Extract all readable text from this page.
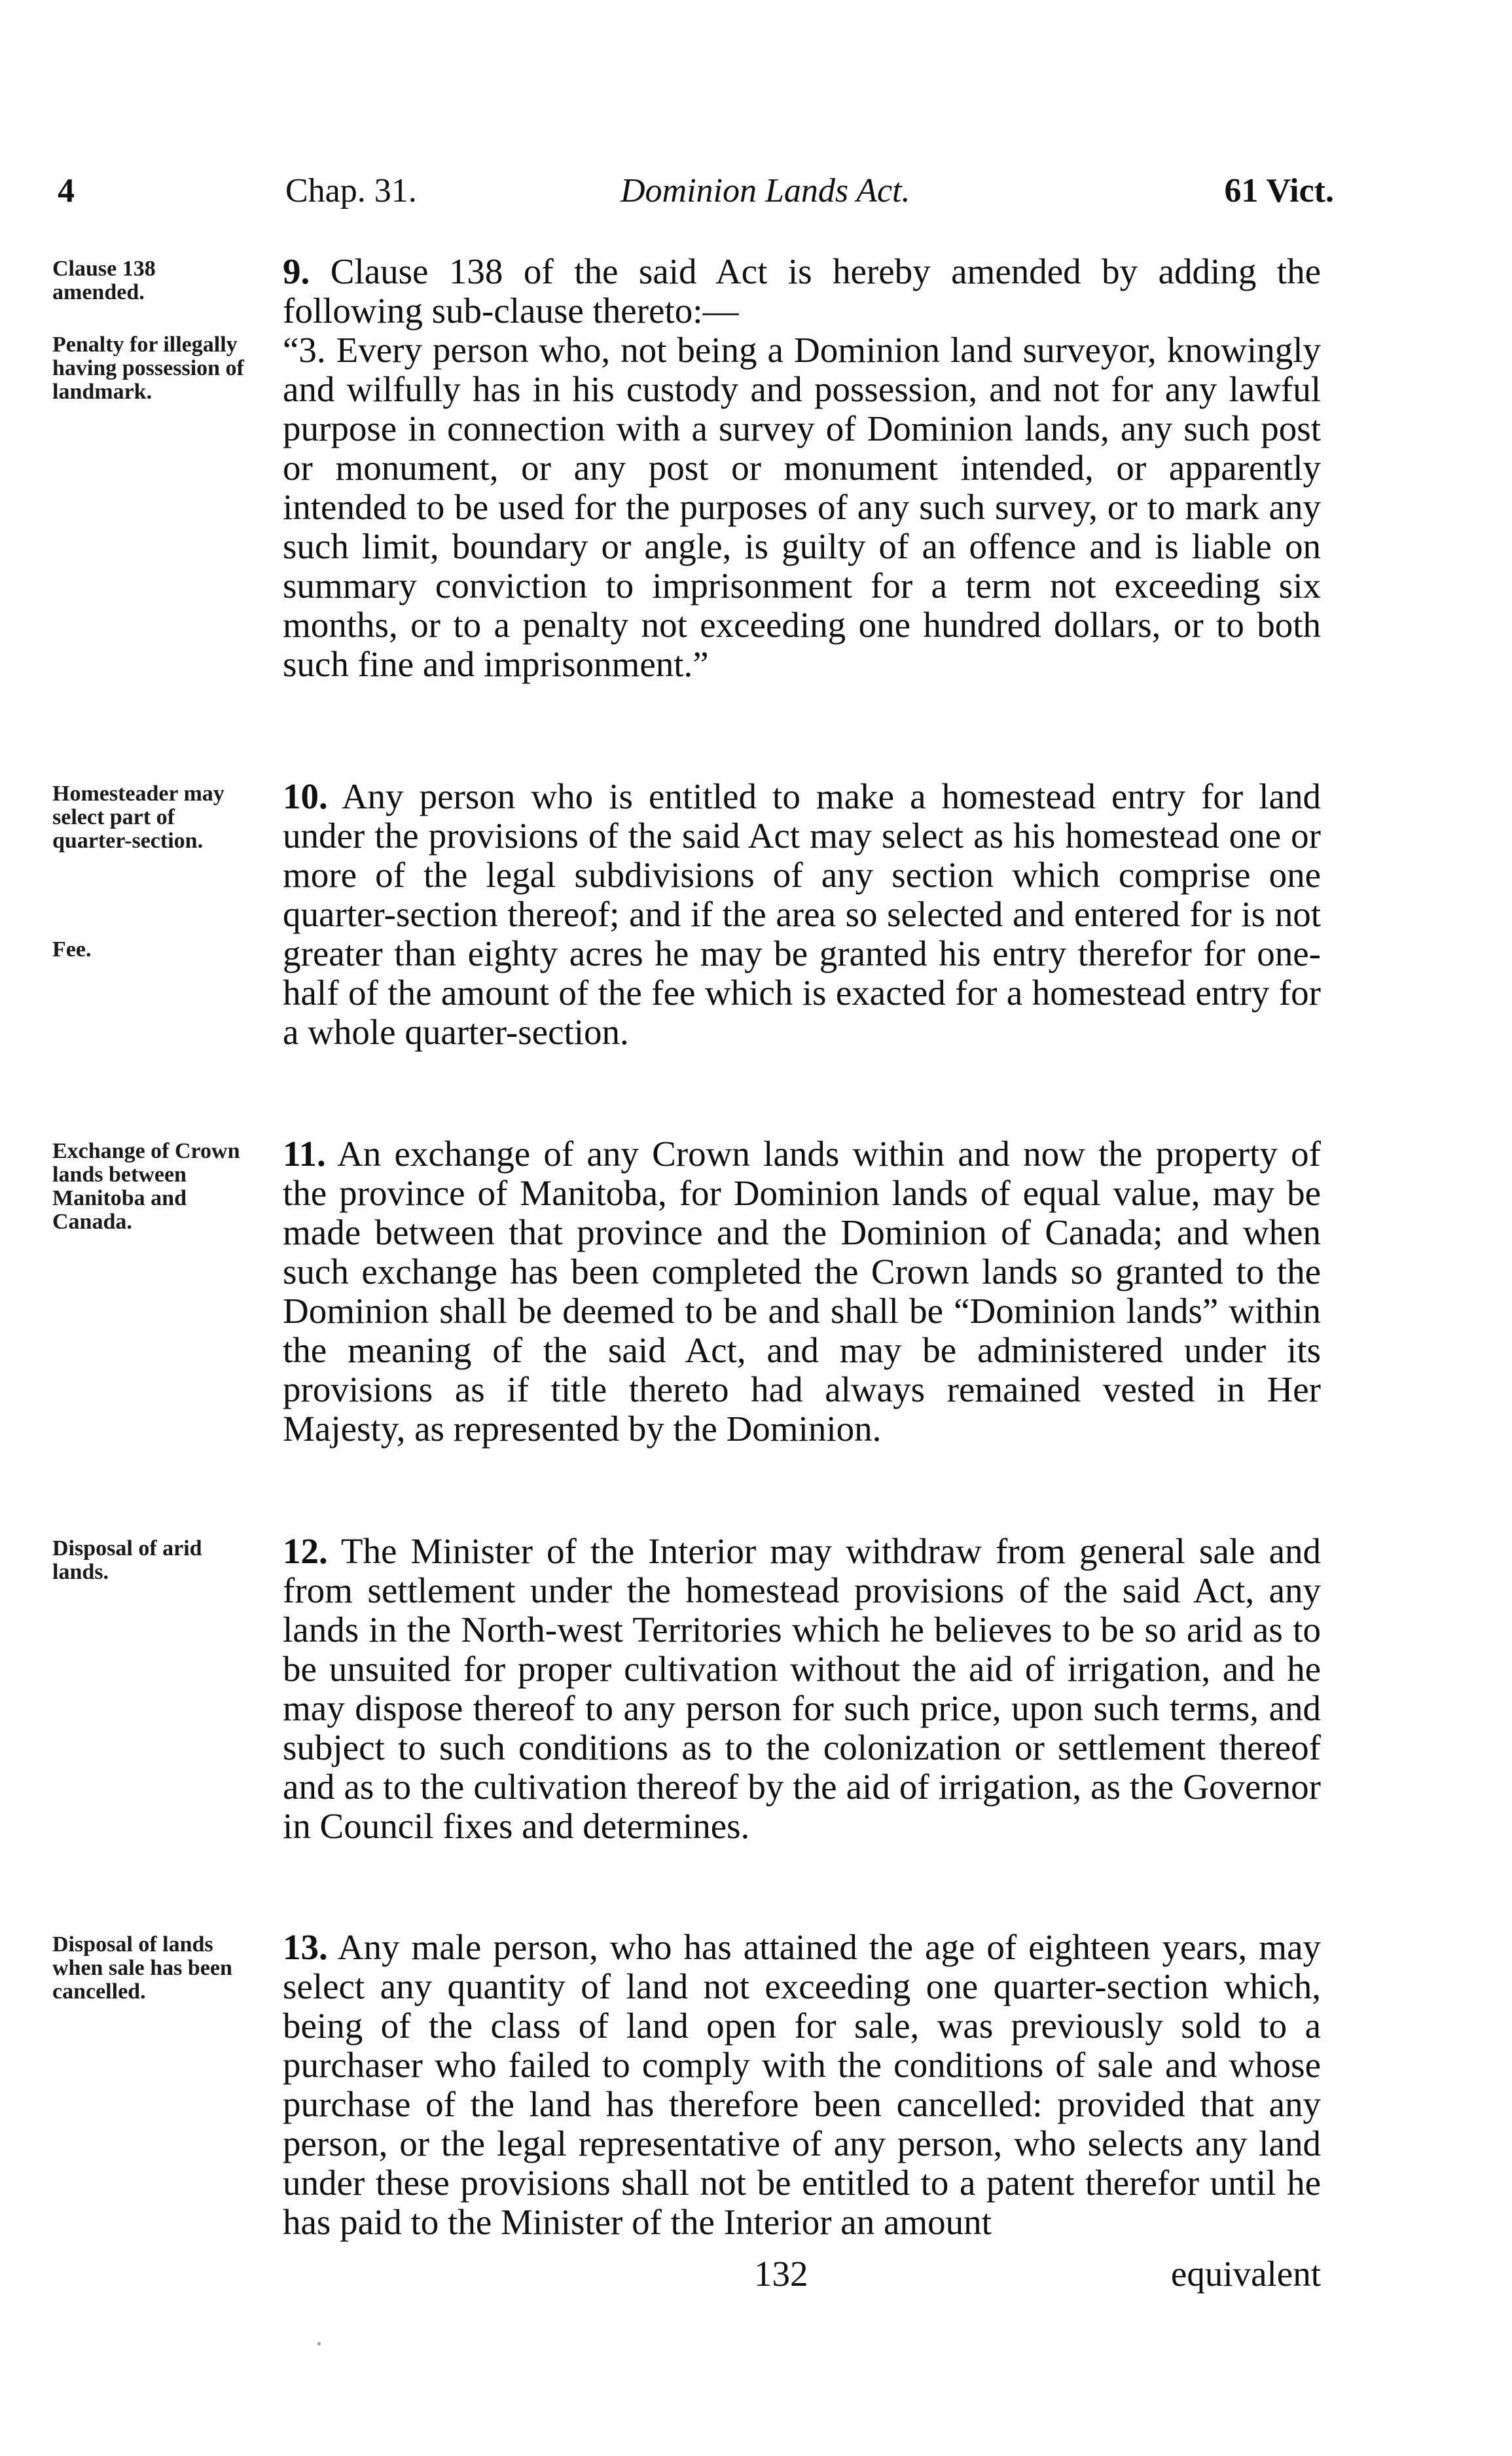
4	Chap. 31.	Dominion Lands Act.	61 Vict.
Clause 138 amended.
Penalty for illegally having possession of landmark.

9. Clause 138 of the said Act is hereby amended by adding the following sub-clause thereto:—

“3. Every person who, not being a Dominion land surveyor, knowingly and wilfully has in his custody and possession, and not for any lawful purpose in connection with a survey of Dominion lands, any such post or monument, or any post or monument intended, or apparently intended to be used for the purposes of any such survey, or to mark any such limit, boundary or angle, is guilty of an offence and is liable on summary conviction to imprisonment for a term not exceeding six months, or to a penalty not exceeding one hundred dollars, or to both such fine and imprisonment.”

Homesteader may select part of quarter-section.
Fee.

10. Any person who is entitled to make a homestead entry for land under the provisions of the said Act may select as his homestead one or more of the legal subdivisions of any section which comprise one quarter-section thereof; and if the area so selected and entered for is not greater than eighty acres he may be granted his entry therefor for one-half of the amount of the fee which is exacted for a homestead entry for a whole quarter-section.

Exchange of Crown lands between Manitoba and Canada.

11. An exchange of any Crown lands within and now the property of the province of Manitoba, for Dominion lands of equal value, may be made between that province and the Dominion of Canada; and when such exchange has been completed the Crown lands so granted to the Dominion shall be deemed to be and shall be “Dominion lands” within the meaning of the said Act, and may be administered under its provisions as if title thereto had always remained vested in Her Majesty, as represented by the Dominion.

Disposal of arid lands.

12. The Minister of the Interior may withdraw from general sale and from settlement under the homestead provisions of the said Act, any lands in the North-west Territories which he believes to be so arid as to be unsuited for proper cultivation without the aid of irrigation, and he may dispose thereof to any person for such price, upon such terms, and subject to such conditions as to the colonization or settlement thereof and as to the cultivation thereof by the aid of irrigation, as the Governor in Council fixes and determines.

Disposal of lands when sale has been cancelled.

13. Any male person, who has attained the age of eighteen years, may select any quantity of land not exceeding one quarter-section which, being of the class of land open for sale, was previously sold to a purchaser who failed to comply with the conditions of sale and whose purchase of the land has therefore been cancelled: provided that any person, or the legal representative of any person, who selects any land under these provisions shall not be entitled to a patent therefor until he has paid to the Minister of the Interior an amount

132	equivalent
